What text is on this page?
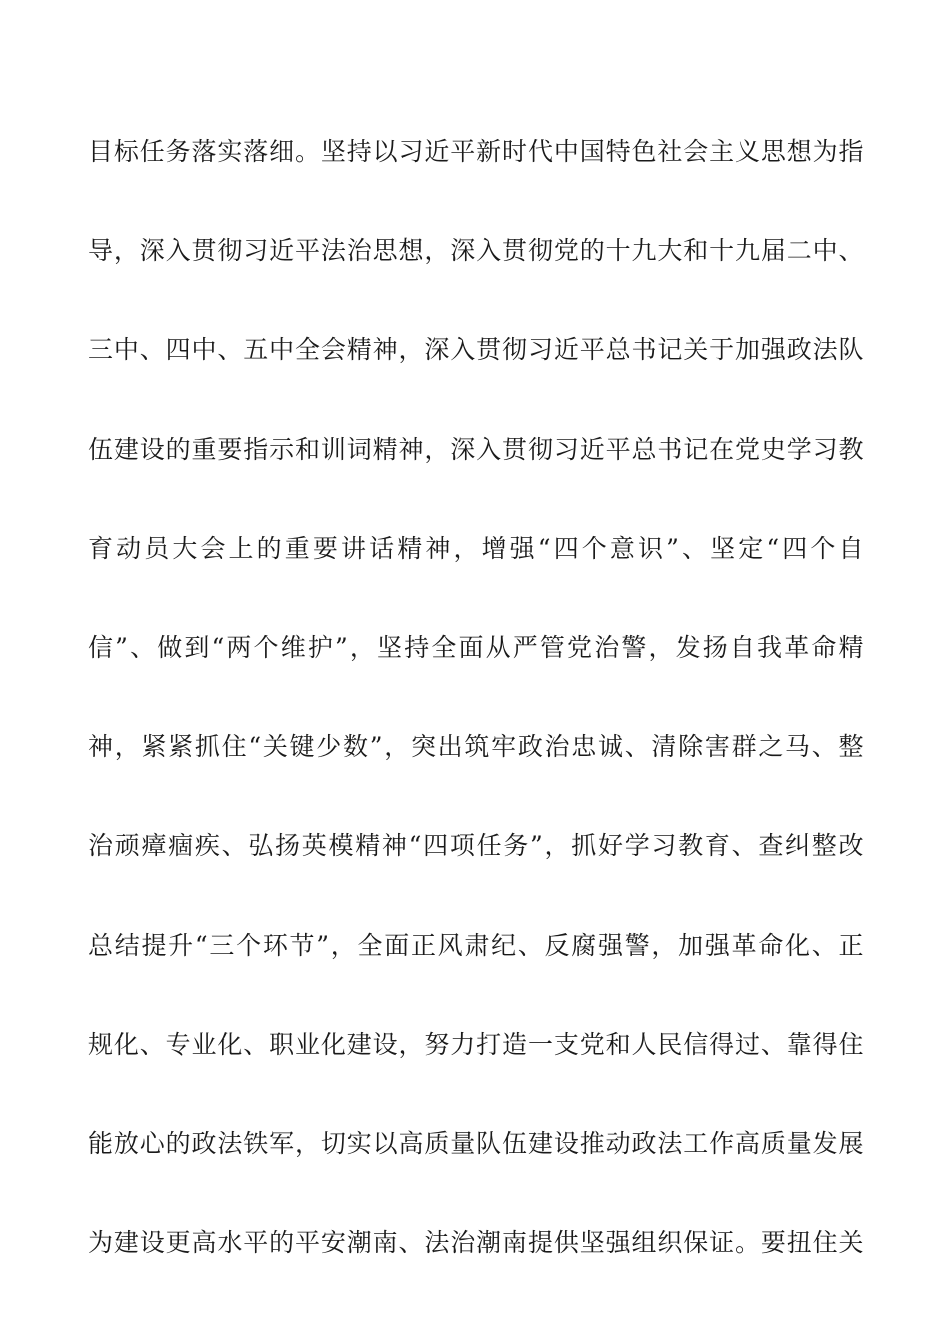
目标任务落实落细。坚持以习近平新时代中国特色社会主义思想为指
导，深入贯彻习近平法治思想，深入贯彻党的十九大和十九届二中、
三中、四中、五中全会精神，深入贯彻习近平总书记关于加强政法队
伍建设的重要指示和训词精神，深入贯彻习近平总书记在党史学习教
育动员大会上的重要讲话精神，增强“四个意识”、坚定“四个自
信”、做到“两个维护”，坚持全面从严管党治警，发扬自我革命精
神，紧紧抓住“关键少数”，突出筑牢政治忠诚、清除害群之马、整
治顽瘴痼疾、弘扬英模精神“四项任务”，抓好学习教育、查纠整改
总结提升“三个环节”，全面正风肃纪、反腐强警，加强革命化、正
规化、专业化、职业化建设，努力打造一支党和人民信得过、靠得住
能放心的政法铁军，切实以高质量队伍建设推动政法工作高质量发展
为建设更高水平的平安潮南、法治潮南提供坚强组织保证。要扭住关
